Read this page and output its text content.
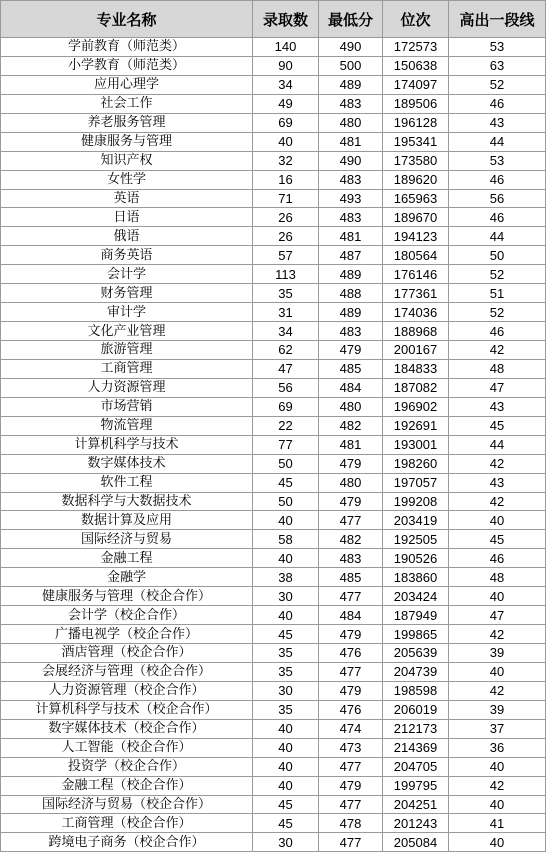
专业名称	录取数	最低分	位次	高出一段线
学前教育（师范类）	140	490	172573	53
小学教育（师范类）	90	500	150638	63
应用心理学	34	489	174097	52
社会工作	49	483	189506	46
养老服务管理	69	480	196128	43
健康服务与管理	40	481	195341	44
知识产权	32	490	173580	53
女性学	16	483	189620	46
英语	71	493	165963	56
日语	26	483	189670	46
俄语	26	481	194123	44
商务英语	57	487	180564	50
会计学	113	489	176146	52
财务管理	35	488	177361	51
审计学	31	489	174036	52
文化产业管理	34	483	188968	46
旅游管理	62	479	200167	42
工商管理	47	485	184833	48
人力资源管理	56	484	187082	47
市场营销	69	480	196902	43
物流管理	22	482	192691	45
计算机科学与技术	77	481	193001	44
数字媒体技术	50	479	198260	42
软件工程	45	480	197057	43
数据科学与大数据技术	50	479	199208	42
数据计算及应用	40	477	203419	40
国际经济与贸易	58	482	192505	45
金融工程	40	483	190526	46
金融学	38	485	183860	48
健康服务与管理（校企合作）	30	477	203424	40
会计学（校企合作）	40	484	187949	47
广播电视学（校企合作）	45	479	199865	42
酒店管理（校企合作）	35	476	205639	39
会展经济与管理（校企合作）	35	477	204739	40
人力资源管理（校企合作）	30	479	198598	42
计算机科学与技术（校企合作）	35	476	206019	39
数字媒体技术（校企合作）	40	474	212173	37
人工智能（校企合作）	40	473	214369	36
投资学（校企合作）	40	477	204705	40
金融工程（校企合作）	40	479	199795	42
国际经济与贸易（校企合作）	45	477	204251	40
工商管理（校企合作）	45	478	201243	41
跨境电子商务（校企合作）	30	477	205084	40
